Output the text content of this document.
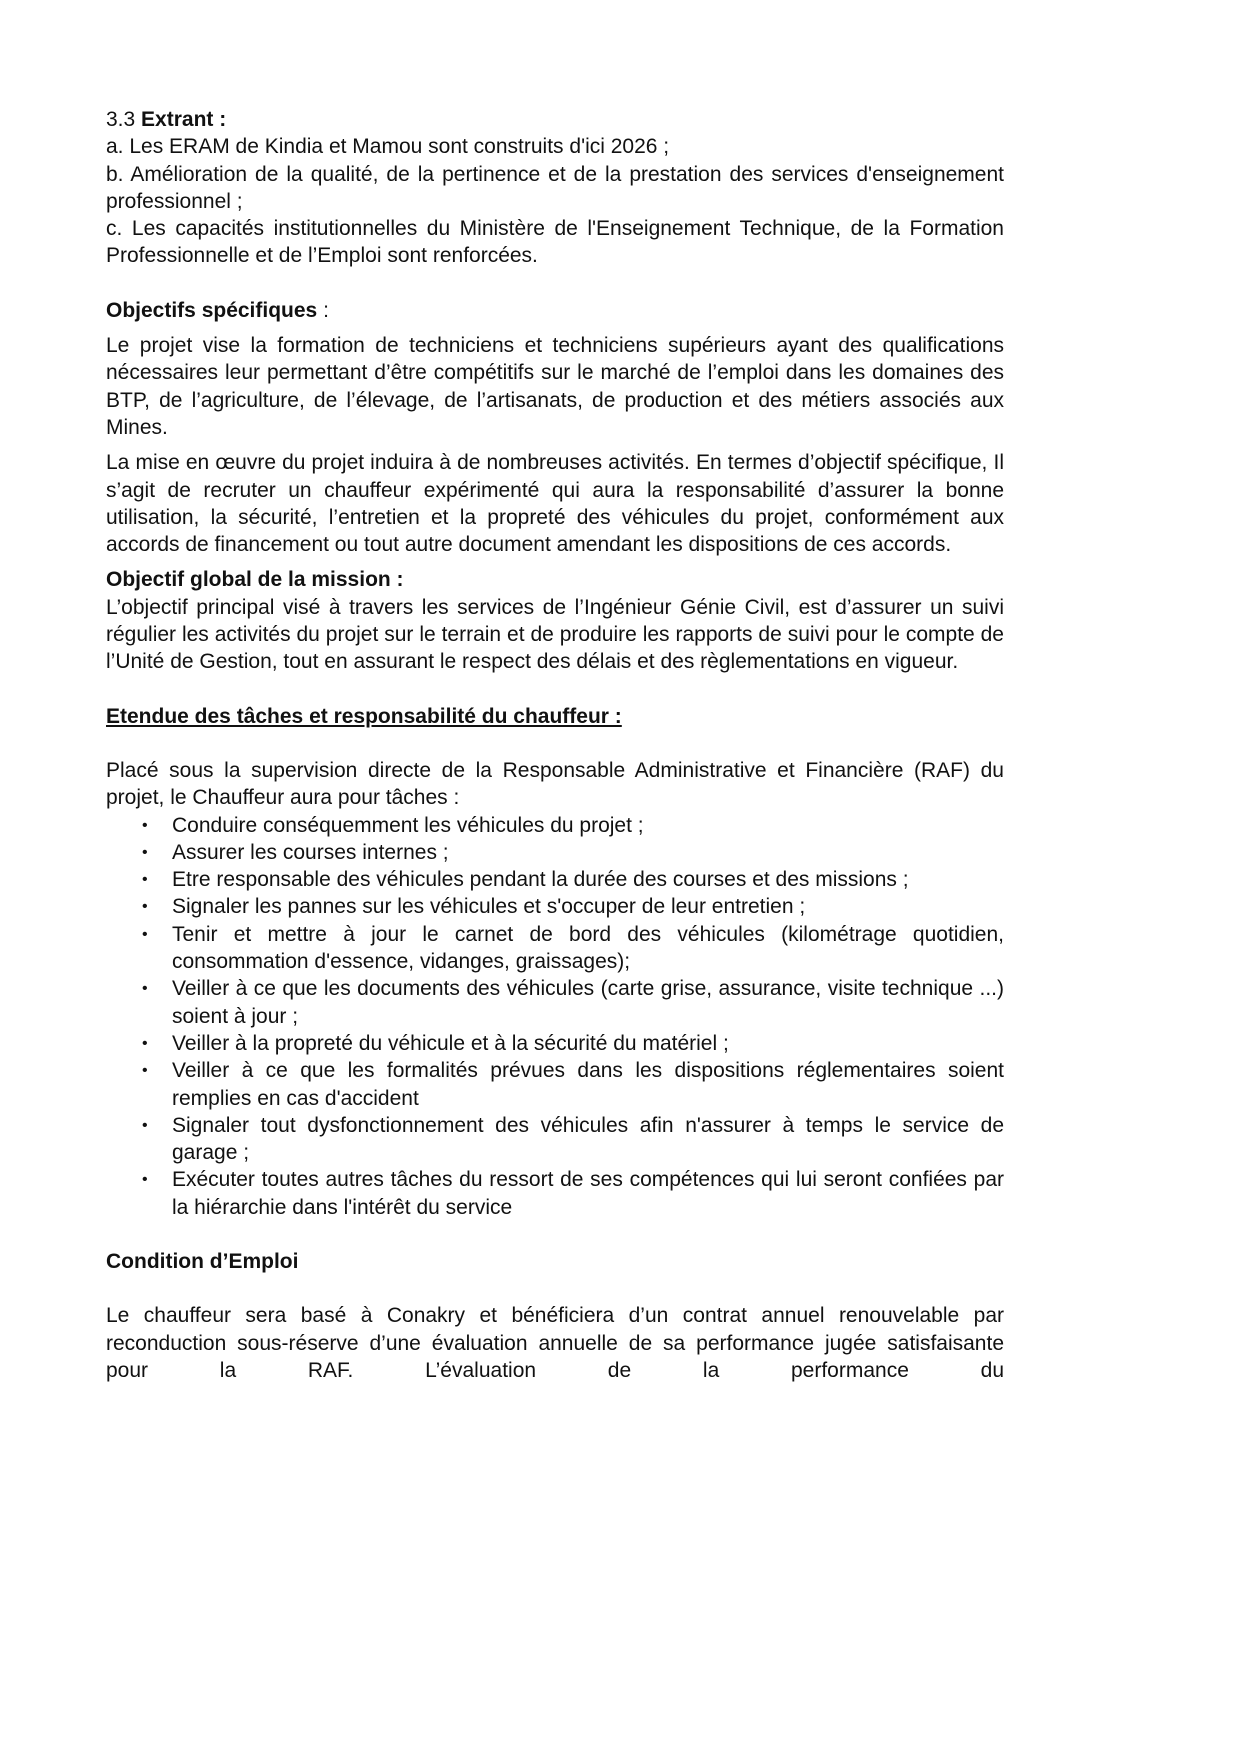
3.3 Extrant :

a. Les ERAM de Kindia et Mamou sont construits d'ici 2026 ;

b. Amélioration de la qualité, de la pertinence et de la prestation des services d'enseignement professionnel ;

c. Les capacités institutionnelles du Ministère de l'Enseignement Technique, de la Formation Professionnelle et de l’Emploi sont renforcées.

Objectifs spécifiques :

Le projet vise la formation de techniciens et techniciens supérieurs ayant des qualifications nécessaires leur permettant d’être compétitifs sur le marché de l’emploi dans les domaines des BTP, de l’agriculture, de l’élevage, de l’artisanats, de production et des métiers associés aux Mines.

La mise en œuvre du projet induira à de nombreuses activités. En termes d’objectif spécifique, Il s’agit de recruter un chauffeur expérimenté qui aura la responsabilité d’assurer la bonne utilisation, la sécurité, l’entretien et la propreté des véhicules du projet, conformément aux accords de financement ou tout autre document amendant les dispositions de ces accords.

Objectif global de la mission :

L’objectif principal visé à travers les services de l’Ingénieur Génie Civil, est d’assurer un suivi régulier les activités du projet sur le terrain et de produire les rapports de suivi pour le compte de l’Unité de Gestion, tout en assurant le respect des délais et des règlementations en vigueur.

Etendue des tâches et responsabilité du chauffeur :

Placé sous la supervision directe de la Responsable Administrative et Financière (RAF) du projet, le Chauffeur aura pour tâches :

• Conduire conséquemment les véhicules du projet ;
• Assurer les courses internes ;
• Etre responsable des véhicules pendant la durée des courses et des missions ;
• Signaler les pannes sur les véhicules et s'occuper de leur entretien ;
• Tenir et mettre à jour le carnet de bord des véhicules (kilométrage quotidien, consommation d'essence, vidanges, graissages);
• Veiller à ce que les documents des véhicules (carte grise, assurance, visite technique ...) soient à jour ;
• Veiller à la propreté du véhicule et à la sécurité du matériel ;
• Veiller à ce que les formalités prévues dans les dispositions réglementaires soient remplies en cas d'accident
• Signaler tout dysfonctionnement des véhicules afin n'assurer à temps le service de garage ;
• Exécuter toutes autres tâches du ressort de ses compétences qui lui seront confiées par la hiérarchie dans l'intérêt du service

Condition d’Emploi

Le chauffeur sera basé à Conakry et bénéficiera d’un contrat annuel renouvelable par reconduction sous-réserve d’une évaluation annuelle de sa performance jugée satisfaisante pour la RAF. L’évaluation de la performance du
